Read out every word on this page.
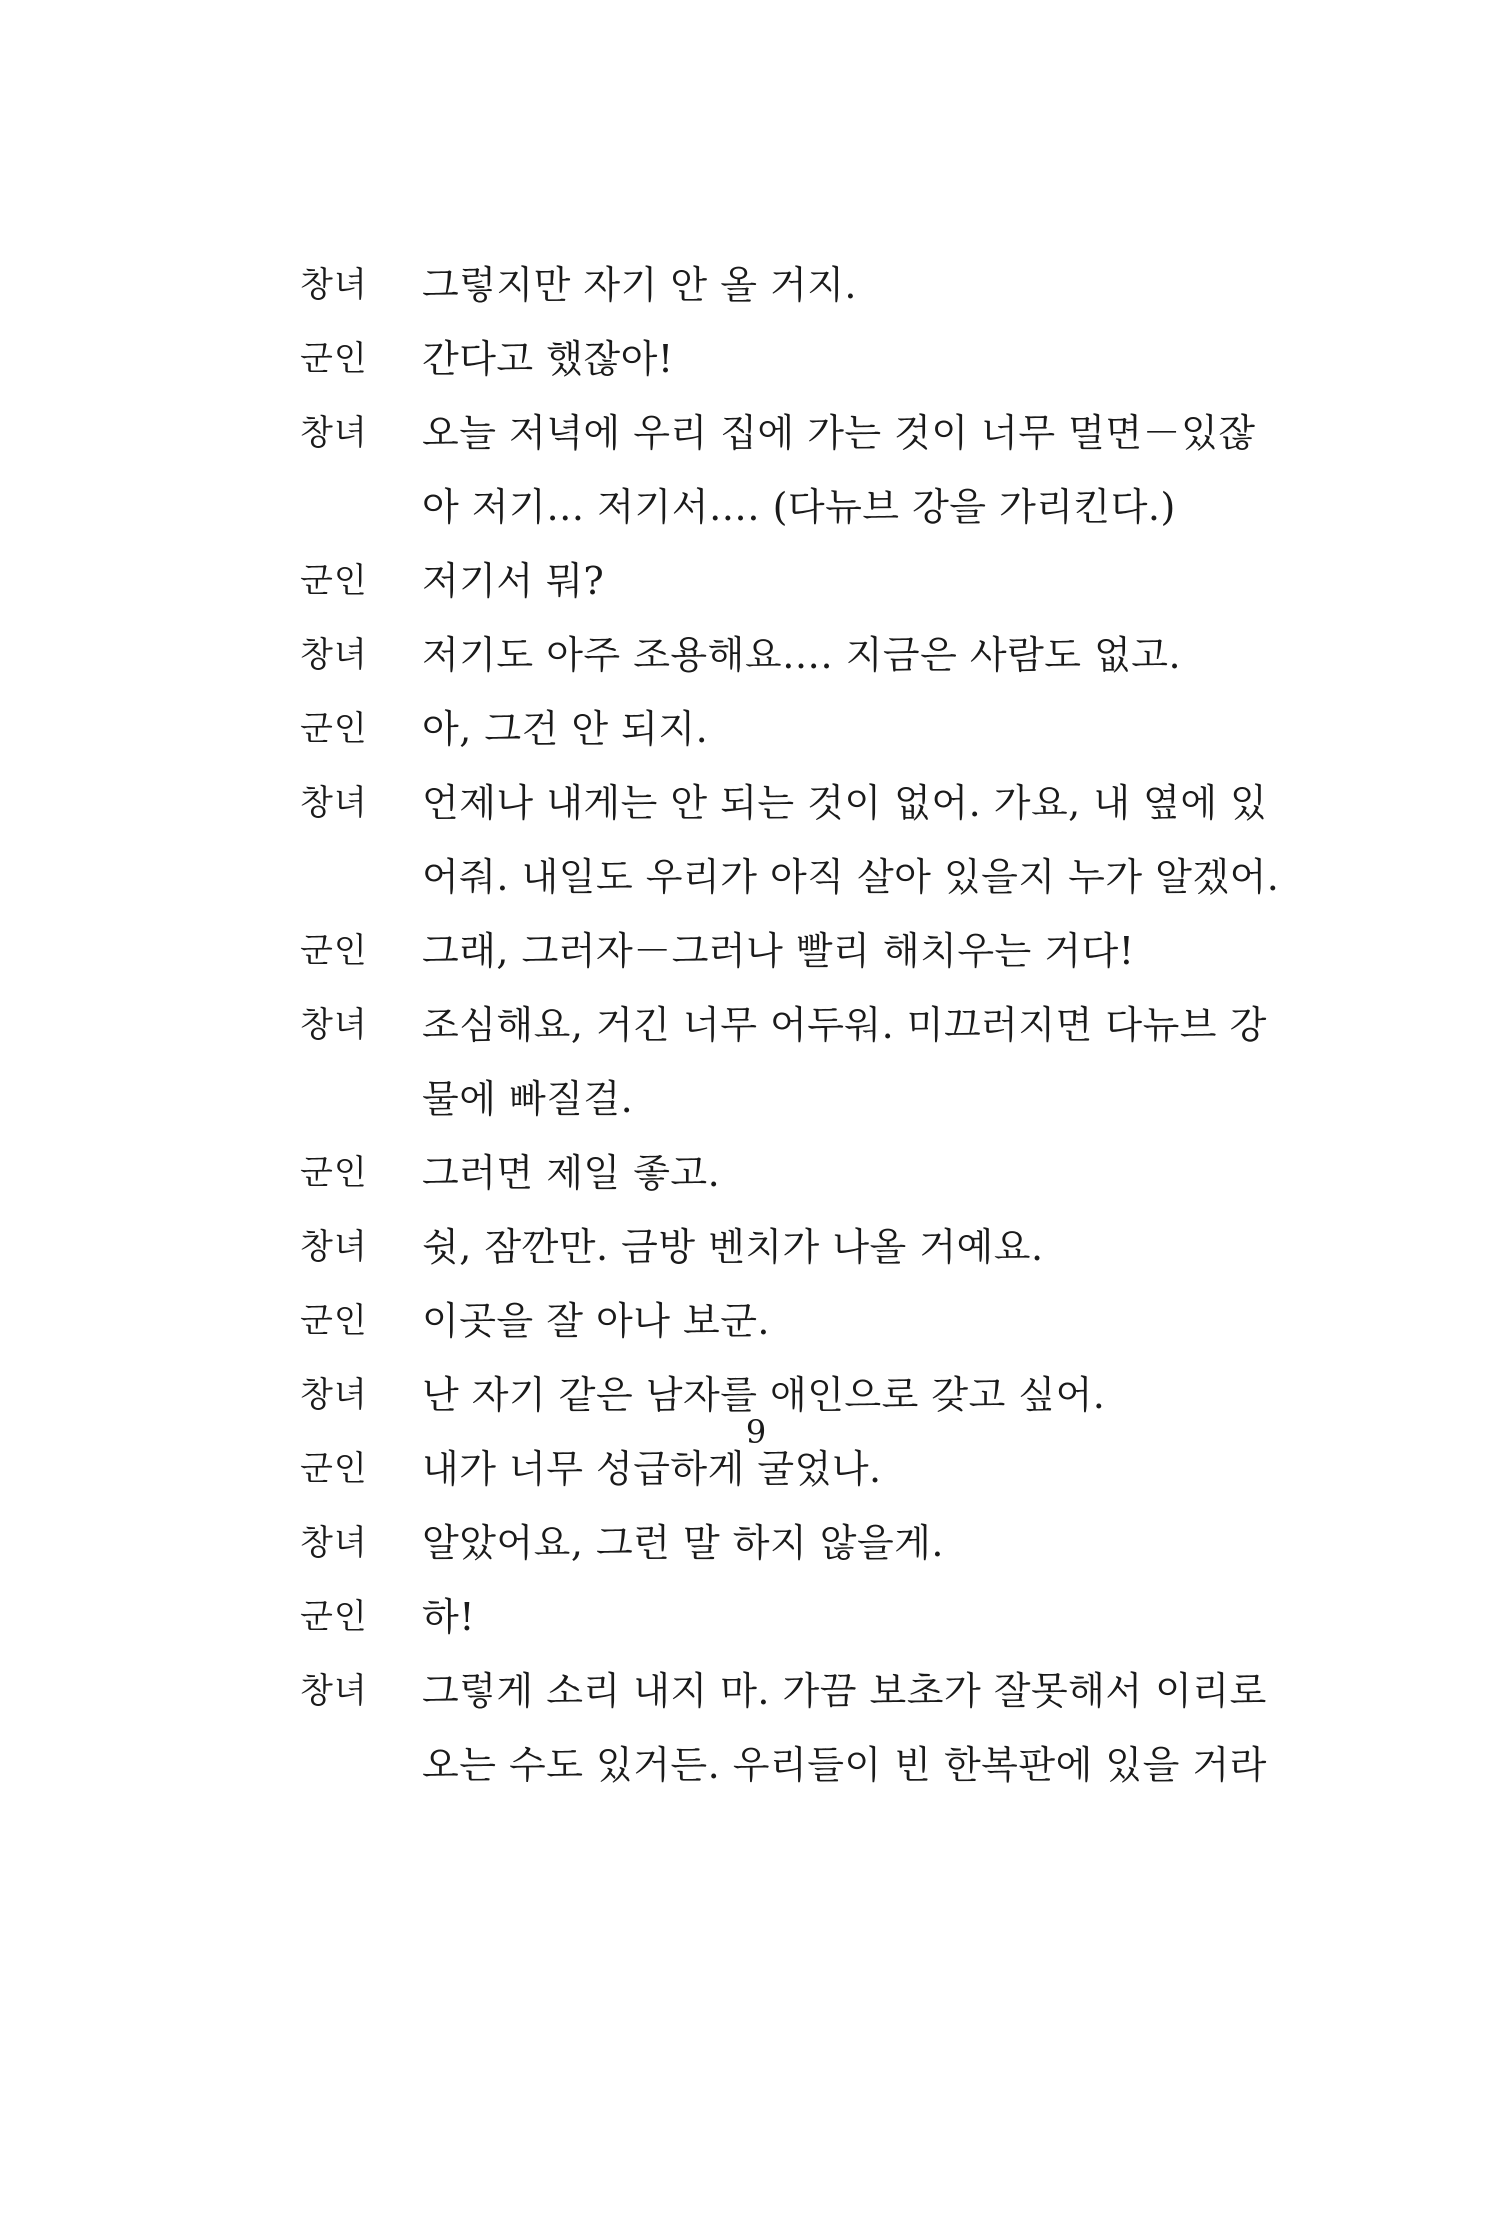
창녀	그렇지만 자기 안 올 거지.
군인	간다고 했잖아!
창녀	오늘 저녁에 우리 집에 가는 것이 너무 멀면－있잖
아 저기… 저기서…. (다뉴브 강을 가리킨다.)
군인	저기서 뭐?
창녀	저기도 아주 조용해요…. 지금은 사람도 없고.
군인	아, 그건 안 되지.
창녀	언제나 내게는 안 되는 것이 없어. 가요, 내 옆에 있
어줘. 내일도 우리가 아직 살아 있을지 누가 알겠어.
군인	그래, 그러자－그러나 빨리 해치우는 거다!
창녀	조심해요, 거긴 너무 어두워. 미끄러지면 다뉴브 강
물에 빠질걸.
군인	그러면 제일 좋고.
창녀	쉿, 잠깐만. 금방 벤치가 나올 거예요.
군인	이곳을 잘 아나 보군.
창녀	난 자기 같은 남자를 애인으로 갖고 싶어.
군인	내가 너무 성급하게 굴었나.
창녀	알았어요, 그런 말 하지 않을게.
군인	하!
창녀	그렇게 소리 내지 마. 가끔 보초가 잘못해서 이리로
오는 수도 있거든. 우리들이 빈 한복판에 있을 거라
9
